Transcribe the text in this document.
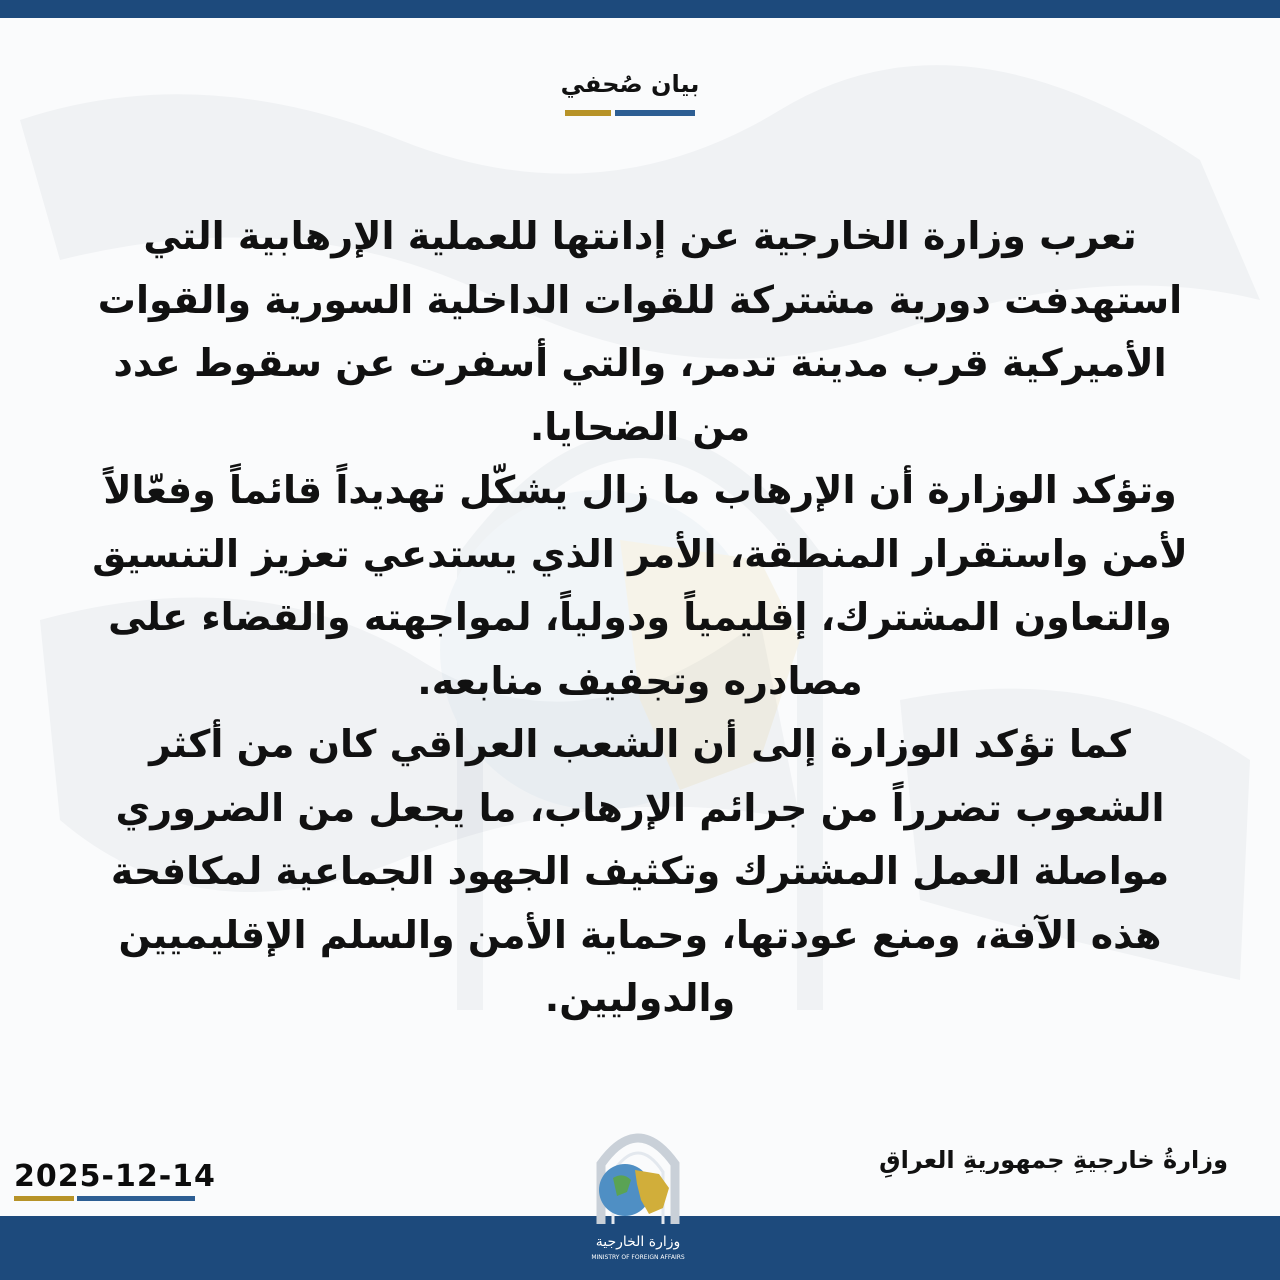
بيان صُحفي

تعرب وزارة الخارجية عن إدانتها للعملية الإرهابية التي استهدفت دورية مشتركة للقوات الداخلية السورية والقوات الأميركية قرب مدينة تدمر، والتي أسفرت عن سقوط عدد من الضحايا.

وتؤكد الوزارة أن الإرهاب ما زال يشكّل تهديداً قائماً وفعّالاً لأمن واستقرار المنطقة، الأمر الذي يستدعي تعزيز التنسيق والتعاون المشترك، إقليمياً ودولياً، لمواجهته والقضاء على مصادره وتجفيف منابعه.

كما تؤكد الوزارة إلى أن الشعب العراقي كان من أكثر الشعوب تضرراً من جرائم الإرهاب، ما يجعل من الضروري مواصلة العمل المشترك وتكثيف الجهود الجماعية لمكافحة هذه الآفة، ومنع عودتها، وحماية الأمن والسلم الإقليميين والدوليين.

وزارةُ خارجيةِ جمهوريةِ العراقِ
2025-12-14
وزارة الخارجية
MINISTRY OF FOREIGN AFFAIRS
